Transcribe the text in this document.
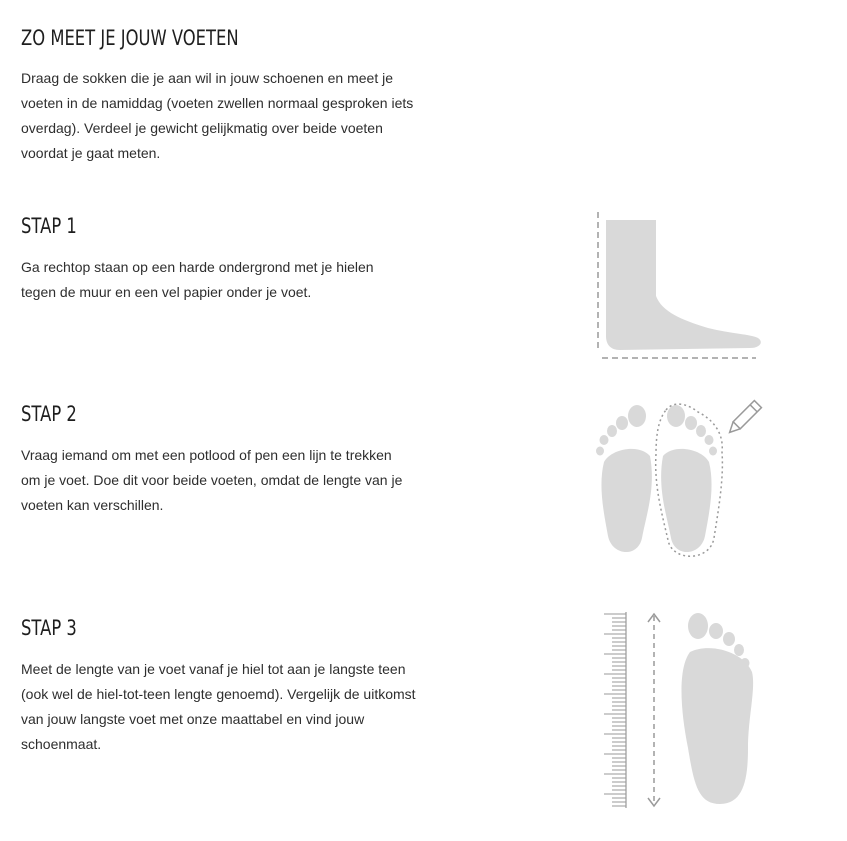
ZO MEET JE JOUW VOETEN

Draag de sokken die je aan wil in jouw schoenen en meet je voeten in de namiddag (voeten zwellen normaal gesproken iets overdag). Verdeel je gewicht gelijkmatig over beide voeten voordat je gaat meten.

STAP 1

Ga rechtop staan op een harde ondergrond met je hielen tegen de muur en een vel papier onder je voet.

STAP 2

Vraag iemand om met een potlood of pen een lijn te trekken om je voet. Doe dit voor beide voeten, omdat de lengte van je voeten kan verschillen.

STAP 3

Meet de lengte van je voet vanaf je hiel tot aan je langste teen (ook wel de hiel-tot-teen lengte genoemd). Vergelijk de uitkomst van jouw langste voet met onze maattabel en vind jouw schoenmaat.
